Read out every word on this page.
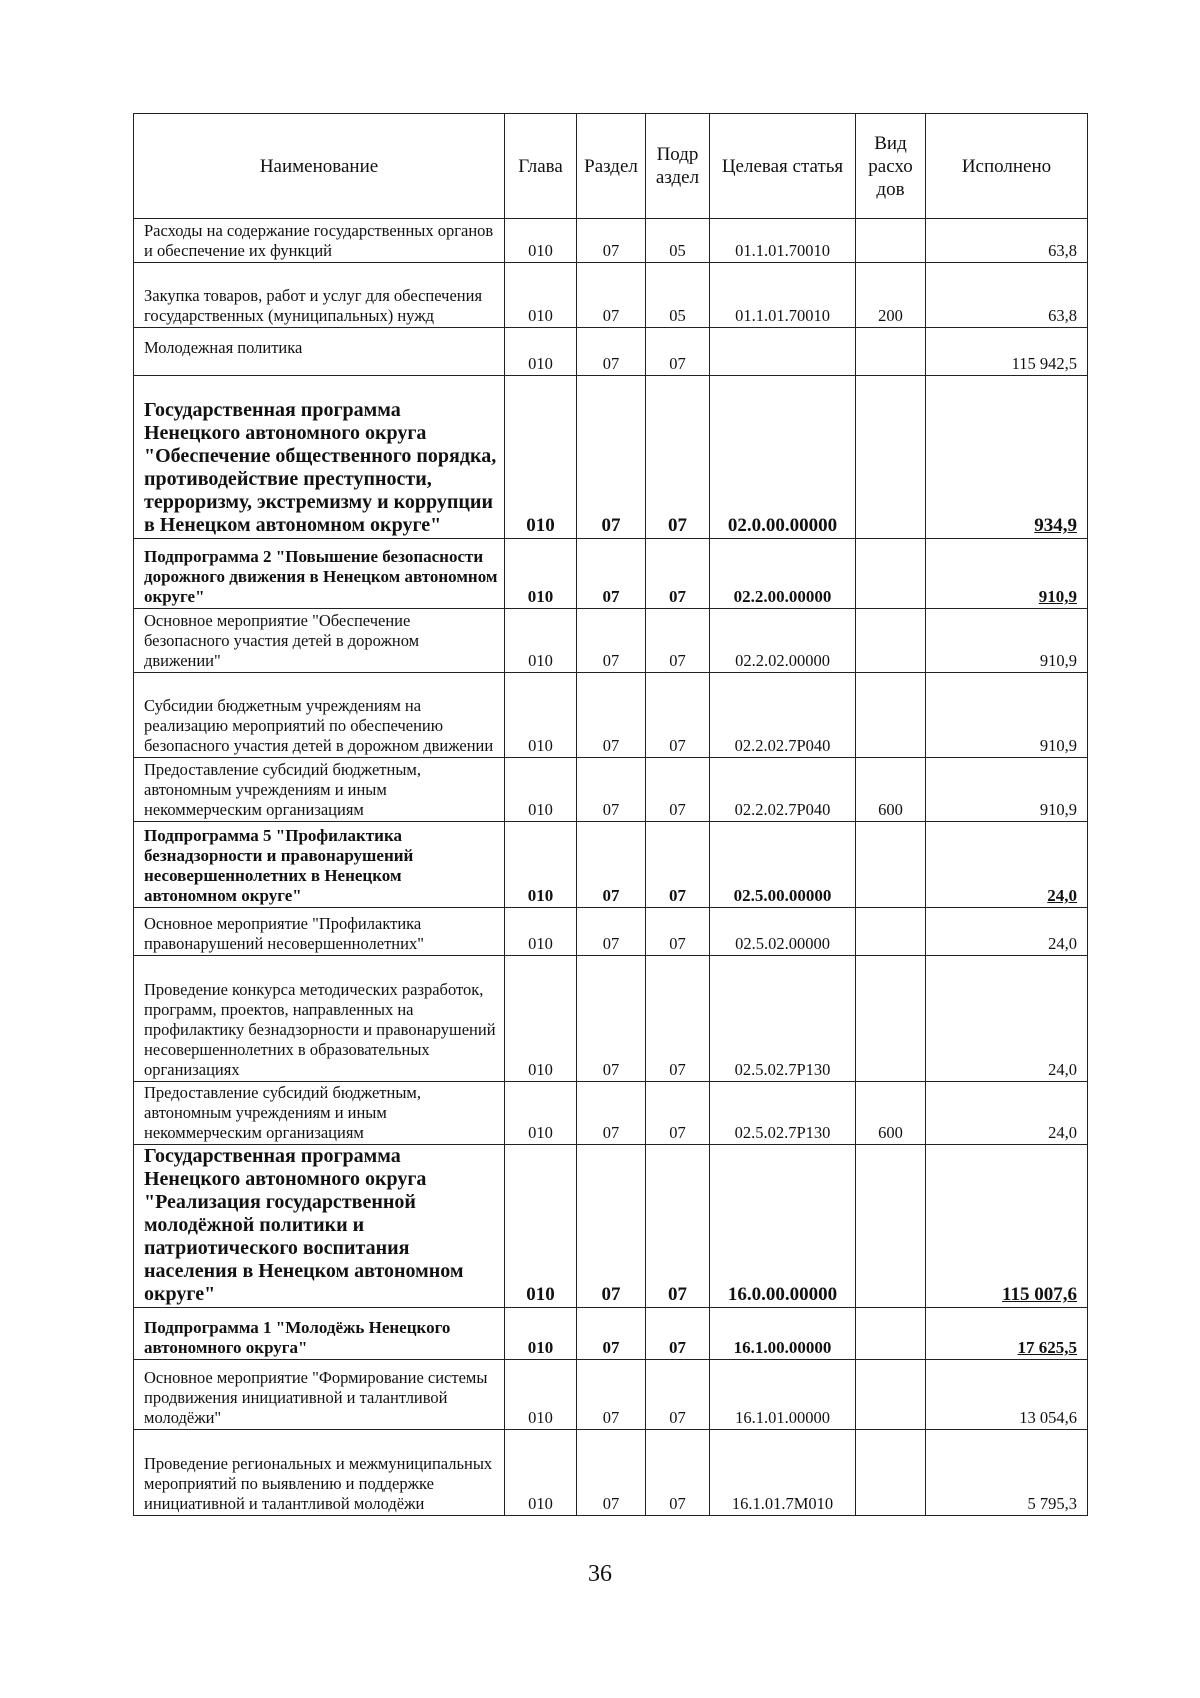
Наименование	Глава	Раздел	Подр аздел	Целевая статья	Вид расхо дов	Исполнено
Расходы на содержание государственных органов и обеспечение их функций	010	07	05	01.1.01.70010		63,8
Закупка товаров, работ и услуг для обеспечения государственных (муниципальных) нужд	010	07	05	01.1.01.70010	200	63,8
Молодежная политика	010	07	07			115 942,5
Государственная программа Ненецкого автономного округа "Обеспечение общественного порядка, противодействие преступности, терроризму, экстремизму и коррупции в Ненецком автономном округе"	010	07	07	02.0.00.00000		934,9
Подпрограмма 2 "Повышение безопасности дорожного движения в Ненецком автономном округе"	010	07	07	02.2.00.00000		910,9
Основное мероприятие "Обеспечение безопасного участия детей в дорожном движении"	010	07	07	02.2.02.00000		910,9
Субсидии бюджетным учреждениям на реализацию мероприятий по обеспечению безопасного участия детей в дорожном движении	010	07	07	02.2.02.7Р040		910,9
Предоставление субсидий бюджетным, автономным учреждениям и иным некоммерческим организациям	010	07	07	02.2.02.7Р040	600	910,9
Подпрограмма 5 "Профилактика безнадзорности и правонарушений несовершеннолетних в Ненецком автономном округе"	010	07	07	02.5.00.00000		24,0
Основное мероприятие "Профилактика правонарушений несовершеннолетних"	010	07	07	02.5.02.00000		24,0
Проведение конкурса методических разработок, программ, проектов, направленных на профилактику безнадзорности и правонарушений несовершеннолетних в образовательных организациях	010	07	07	02.5.02.7Р130		24,0
Предоставление субсидий бюджетным, автономным учреждениям и иным некоммерческим организациям	010	07	07	02.5.02.7Р130	600	24,0
Государственная программа Ненецкого автономного округа "Реализация государственной молодёжной политики и патриотического воспитания населения в Ненецком автономном округе"	010	07	07	16.0.00.00000		115 007,6
Подпрограмма 1 "Молодёжь Ненецкого автономного округа"	010	07	07	16.1.00.00000		17 625,5
Основное мероприятие "Формирование системы продвижения инициативной и талантливой молодёжи"	010	07	07	16.1.01.00000		13 054,6
Проведение региональных и межмуниципальных мероприятий по выявлению и поддержке инициативной и талантливой молодёжи	010	07	07	16.1.01.7М010		5 795,3
36
